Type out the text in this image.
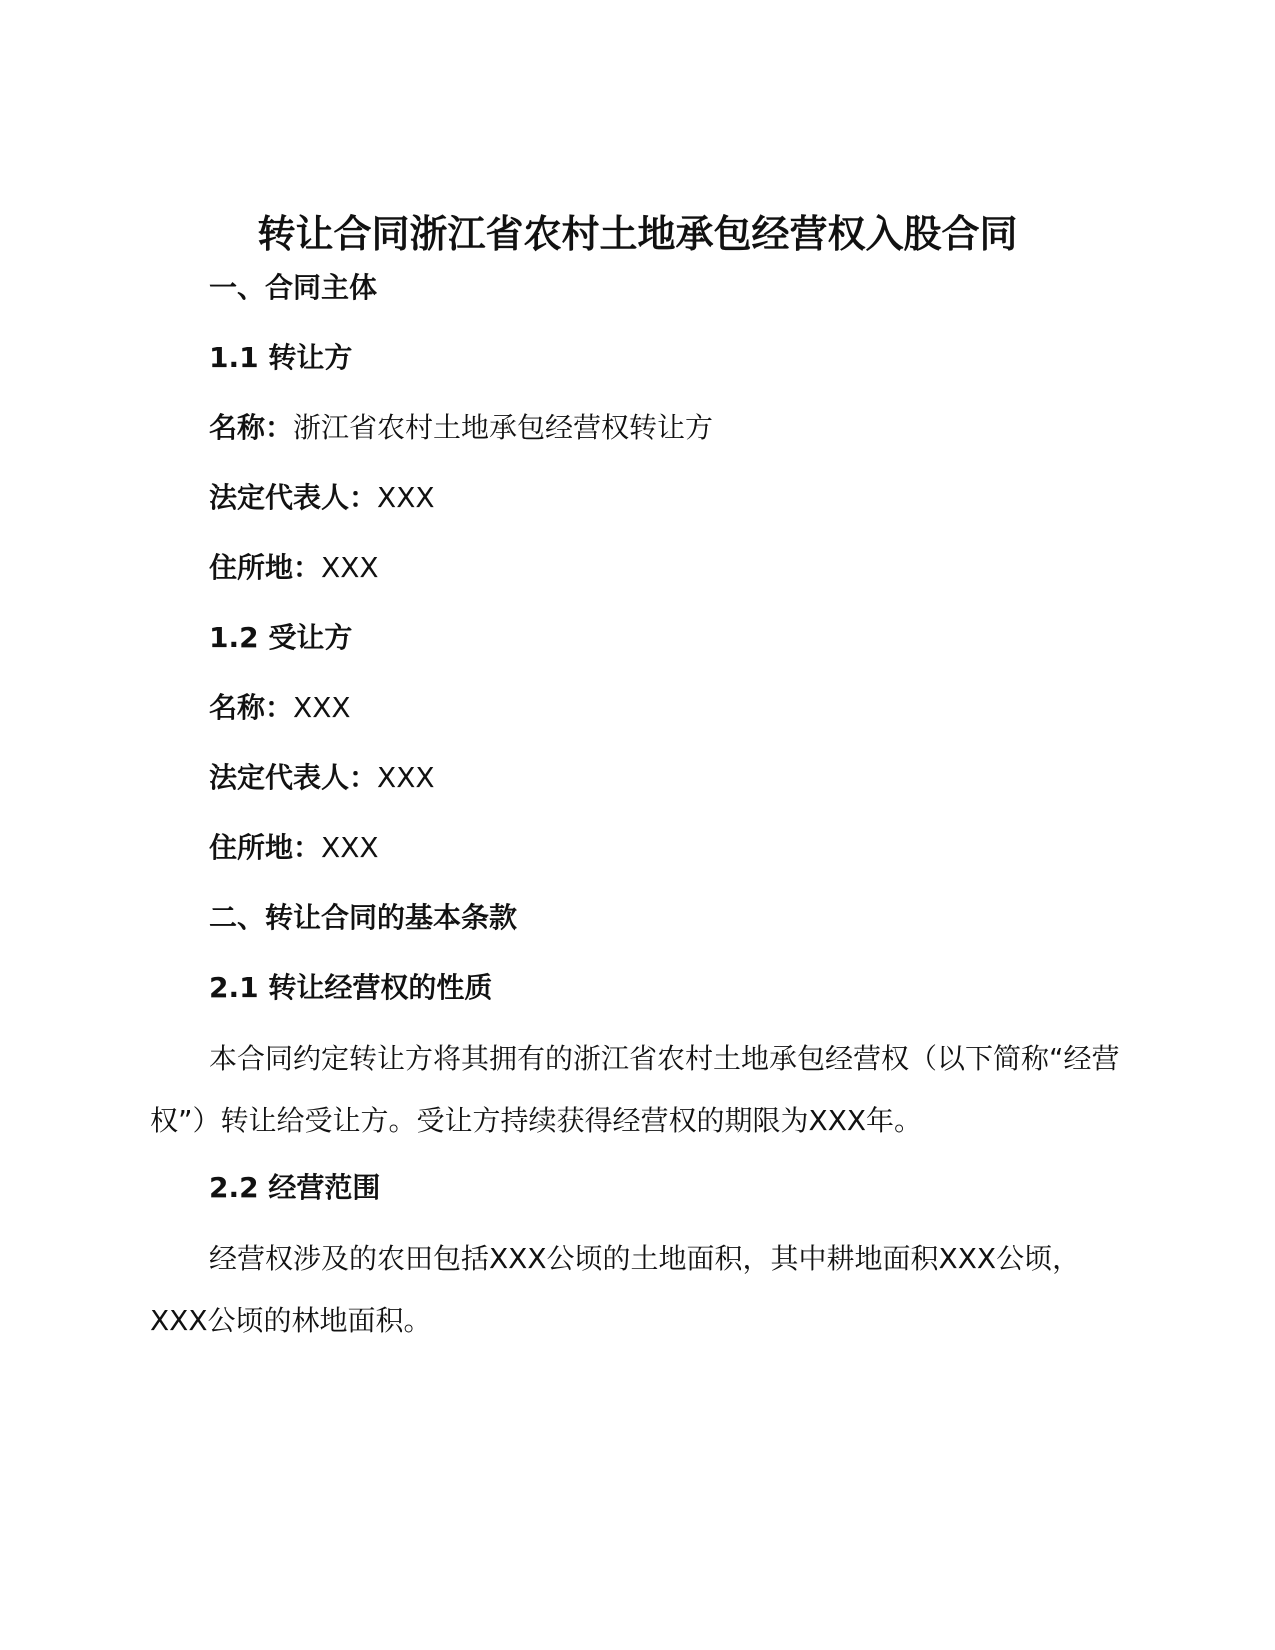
转让合同浙江省农村土地承包经营权入股合同
一、合同主体
1.1 转让方
名称：浙江省农村土地承包经营权转让方
法定代表人：XXX
住所地：XXX
1.2 受让方
名称：XXX
法定代表人：XXX
住所地：XXX
二、转让合同的基本条款
2.1 转让经营权的性质
本合同约定转让方将其拥有的浙江省农村土地承包经营权（以下简称“经营权”）转让给受让方。受让方持续获得经营权的期限为XXX年。
2.2 经营范围
经营权涉及的农田包括XXX公顷的土地面积，其中耕地面积XXX公顷，XXX公顷的林地面积。
